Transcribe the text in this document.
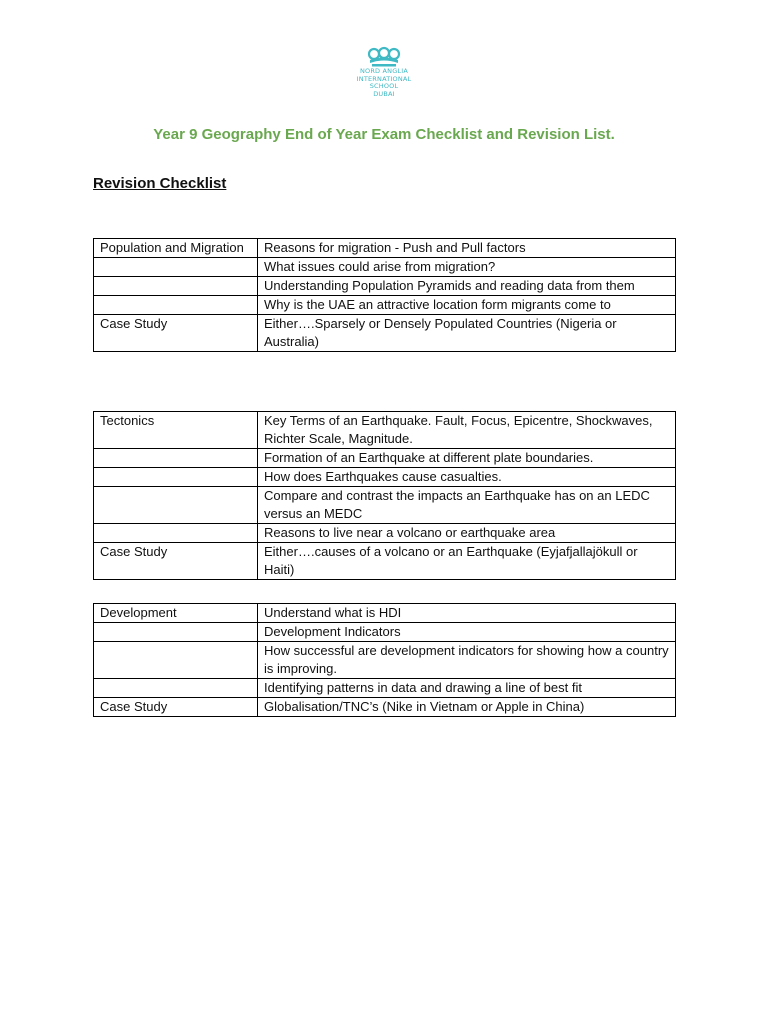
NORD ANGLIA
INTERNATIONAL
SCHOOL
DUBAI
Year 9 Geography End of Year Exam Checklist and Revision List.
Revision Checklist
Population and Migration	Reasons for migration - Push and Pull factors
	What issues could arise from migration?
	Understanding Population Pyramids and reading data from them
	Why is the UAE an attractive location form migrants come to
Case Study	Either….Sparsely or Densely Populated Countries (Nigeria or Australia)
Tectonics	Key Terms of an Earthquake. Fault, Focus, Epicentre, Shockwaves, Richter Scale, Magnitude.
	Formation of an Earthquake at different plate boundaries.
	How does Earthquakes cause casualties.
	Compare and contrast the impacts an Earthquake has on an LEDC versus an MEDC
	Reasons to live near a volcano or earthquake area
Case Study	Either….causes of a volcano or an Earthquake (Eyjafjallajökull or Haiti)
Development	Understand what is HDI
	Development Indicators
	How successful are development indicators for showing how a country is improving.
	Identifying patterns in data and drawing a line of best fit
Case Study	Globalisation/TNC’s (Nike in Vietnam or Apple in China)
